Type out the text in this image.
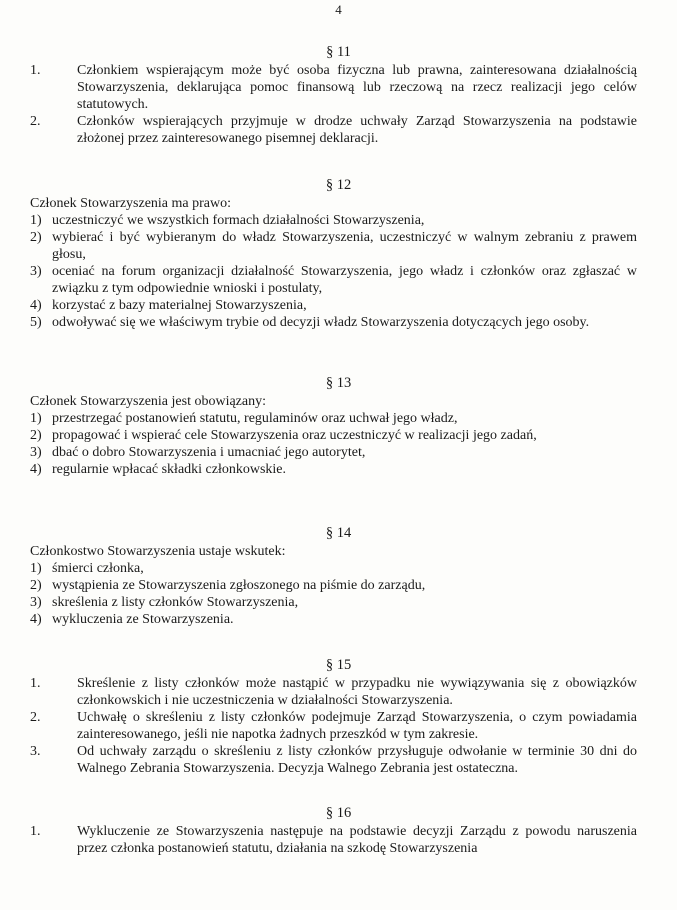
4
§ 11
1.	Członkiem wspierającym może być osoba fizyczna lub prawna, zainteresowana działalnością Stowarzyszenia, deklarująca pomoc finansową lub rzeczową na rzecz realizacji jego celów statutowych.
2.	Członków wspierających przyjmuje w drodze uchwały Zarząd Stowarzyszenia na podstawie złożonej przez zainteresowanego pisemnej deklaracji.
§ 12
Członek Stowarzyszenia ma prawo:
1) uczestniczyć we wszystkich formach działalności Stowarzyszenia,
2) wybierać i być wybieranym do władz Stowarzyszenia, uczestniczyć w walnym zebraniu z prawem głosu,
3) oceniać na forum organizacji działalność Stowarzyszenia, jego władz i członków oraz zgłaszać w związku z tym odpowiednie wnioski i postulaty,
4) korzystać z bazy materialnej Stowarzyszenia,
5) odwoływać się we właściwym trybie od decyzji władz Stowarzyszenia dotyczących jego osoby.
§ 13
Członek Stowarzyszenia jest obowiązany:
1) przestrzegać postanowień statutu, regulaminów oraz uchwał jego władz,
2) propagować i wspierać cele Stowarzyszenia oraz uczestniczyć w realizacji jego zadań,
3) dbać o dobro Stowarzyszenia i umacniać jego autorytet,
4) regularnie wpłacać składki członkowskie.
§ 14
Członkostwo Stowarzyszenia ustaje wskutek:
1) śmierci członka,
2) wystąpienia ze Stowarzyszenia zgłoszonego na piśmie do zarządu,
3) skreślenia z listy członków Stowarzyszenia,
4) wykluczenia ze Stowarzyszenia.
§ 15
1.	Skreślenie z listy członków może nastąpić w przypadku nie wywiązywania się z obowiązków członkowskich i nie uczestniczenia w działalności Stowarzyszenia.
2.	Uchwałę o skreśleniu z listy członków podejmuje Zarząd Stowarzyszenia, o czym powiadamia zainteresowanego, jeśli nie napotka żadnych przeszkód w tym zakresie.
3.	Od uchwały zarządu o skreśleniu z listy członków przysługuje odwołanie w terminie 30 dni do Walnego Zebrania Stowarzyszenia. Decyzja Walnego Zebrania jest ostateczna.
§ 16
1.	Wykluczenie ze Stowarzyszenia następuje na podstawie decyzji Zarządu z powodu naruszenia przez członka postanowień statutu, działania na szkodę Stowarzyszenia
